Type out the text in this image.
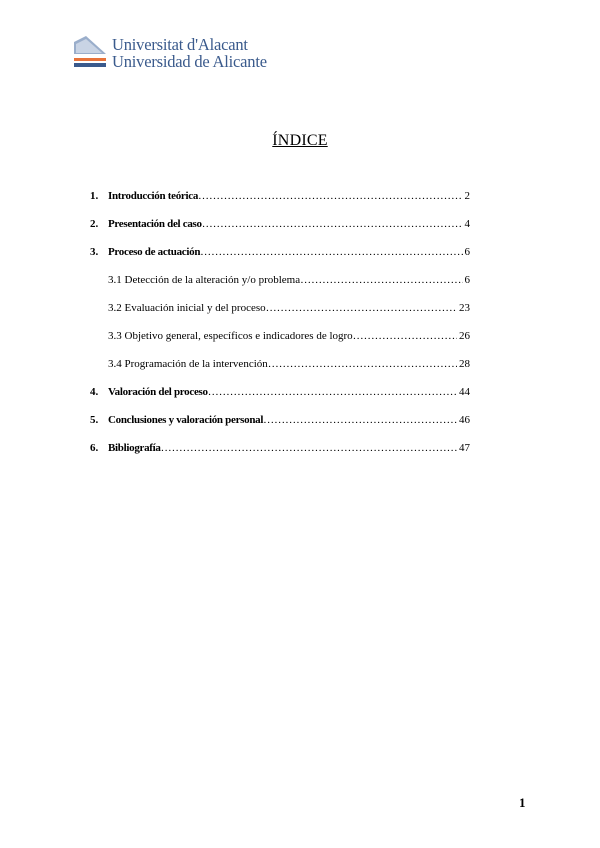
Universitat d'Alacant
Universidad de Alicante
ÍNDICE
1. Introducción teórica …………………………………………………………………………………………………………………………	2
2. Presentación del caso …………………………………………………………………………………………………………………………	4
3. Proceso de actuación …………………………………………………………………………………………………………………………	6
3.1 Detección de la alteración y/o problema …………………………………………………………………………………………………………………………	6
3.2 Evaluación inicial y del proceso …………………………………………………………………………………………………………………………	23
3.3 Objetivo general, específicos e indicadores de logro …………………………………………………………………………………………………………………………	26
3.4 Programación de la intervención …………………………………………………………………………………………………………………………	28
4. Valoración del proceso …………………………………………………………………………………………………………………………	44
5. Conclusiones y valoración personal …………………………………………………………………………………………………………………………	46
6. Bibliografía …………………………………………………………………………………………………………………………	47
1
